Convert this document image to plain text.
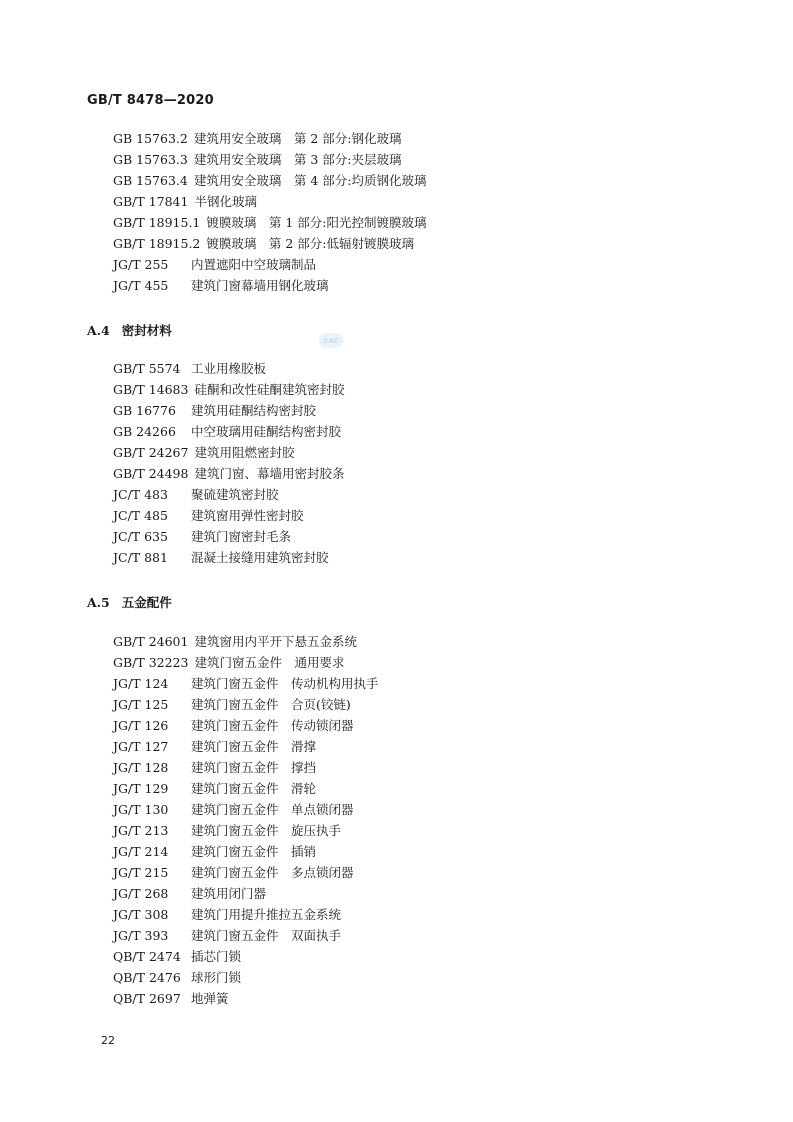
GB/T 8478—2020
SAC
GB 15763.2 建筑用安全玻璃　第 2 部分:钢化玻璃
GB 15763.3 建筑用安全玻璃　第 3 部分:夹层玻璃
GB 15763.4 建筑用安全玻璃　第 4 部分:均质钢化玻璃
GB/T 17841 半钢化玻璃
GB/T 18915.1 镀膜玻璃　第 1 部分:阳光控制镀膜玻璃
GB/T 18915.2 镀膜玻璃　第 2 部分:低辐射镀膜玻璃
JG/T 255 内置遮阳中空玻璃制品
JG/T 455 建筑门窗幕墙用钢化玻璃
A.4 密封材料
GB/T 5574 工业用橡胶板
GB/T 14683 硅酮和改性硅酮建筑密封胶
GB 16776 建筑用硅酮结构密封胶
GB 24266 中空玻璃用硅酮结构密封胶
GB/T 24267 建筑用阻燃密封胶
GB/T 24498 建筑门窗、幕墙用密封胶条
JC/T 483 聚硫建筑密封胶
JC/T 485 建筑窗用弹性密封胶
JC/T 635 建筑门窗密封毛条
JC/T 881 混凝土接缝用建筑密封胶
A.5 五金配件
GB/T 24601 建筑窗用内平开下悬五金系统
GB/T 32223 建筑门窗五金件　通用要求
JG/T 124 建筑门窗五金件　传动机构用执手
JG/T 125 建筑门窗五金件　合页(铰链)
JG/T 126 建筑门窗五金件　传动锁闭器
JG/T 127 建筑门窗五金件　滑撑
JG/T 128 建筑门窗五金件　撑挡
JG/T 129 建筑门窗五金件　滑轮
JG/T 130 建筑门窗五金件　单点锁闭器
JG/T 213 建筑门窗五金件　旋压执手
JG/T 214 建筑门窗五金件　插销
JG/T 215 建筑门窗五金件　多点锁闭器
JG/T 268 建筑用闭门器
JG/T 308 建筑门用提升推拉五金系统
JG/T 393 建筑门窗五金件　双面执手
QB/T 2474 插芯门锁
QB/T 2476 球形门锁
QB/T 2697 地弹簧
22
